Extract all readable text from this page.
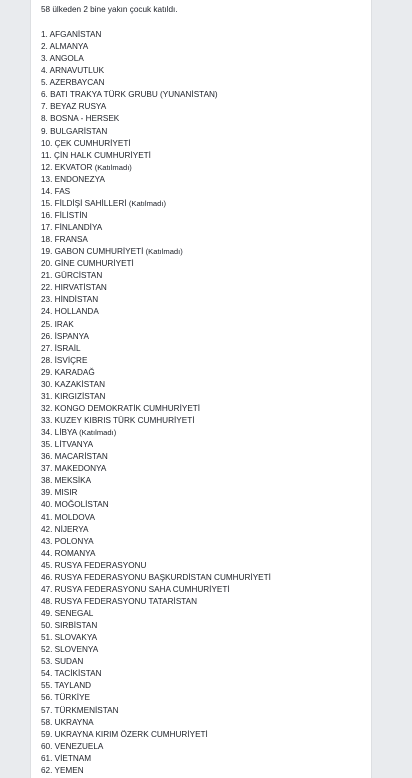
58 ülkeden 2 bine yakın çocuk katıldı.
1. AFGANİSTAN
2. ALMANYA
3. ANGOLA
4. ARNAVUTLUK
5. AZERBAYCAN
6. BATI TRAKYA TÜRK GRUBU (YUNANİSTAN)
7. BEYAZ RUSYA
8. BOSNA - HERSEK
9. BULGARİSTAN
10. ÇEK CUMHURİYETİ
11. ÇİN HALK CUMHURİYETİ
12. EKVATOR (Katılmadı)
13. ENDONEZYA
14. FAS
15. FİLDİŞİ SAHİLLERİ (Katılmadı)
16. FİLİSTİN
17. FİNLANDİYA
18. FRANSA
19. GABON CUMHURİYETİ (Katılmadı)
20. GİNE CUMHURİYETİ
21. GÜRCİSTAN
22. HIRVATİSTAN
23. HİNDİSTAN
24. HOLLANDA
25. IRAK
26. İSPANYA
27. İSRAİL
28. İSVİÇRE
29. KARADAĞ
30. KAZAKİSTAN
31. KIRGIZİSTAN
32. KONGO DEMOKRATİK CUMHURİYETİ
33. KUZEY KIBRIS TÜRK CUMHURİYETİ
34. LİBYA (Katılmadı)
35. LİTVANYA
36. MACARİSTAN
37. MAKEDONYA
38. MEKSİKA
39. MISIR
40. MOĞOLİSTAN
41. MOLDOVA
42. NİJERYA
43. POLONYA
44. ROMANYA
45. RUSYA FEDERASYONU
46. RUSYA FEDERASYONU BAŞKURDİSTAN CUMHURİYETİ
47. RUSYA FEDERASYONU SAHA CUMHURİYETİ
48. RUSYA FEDERASYONU TATARİSTAN
49. SENEGAL
50. SIRBİSTAN
51. SLOVAKYA
52. SLOVENYA
53. SUDAN
54. TACİKİSTAN
55. TAYLAND
56. TÜRKİYE
57. TÜRKMENİSTAN
58. UKRAYNA
59. UKRAYNA KIRIM ÖZERK CUMHURİYETİ
60. VENEZUELA
61. VİETNAM
62. YEMEN
